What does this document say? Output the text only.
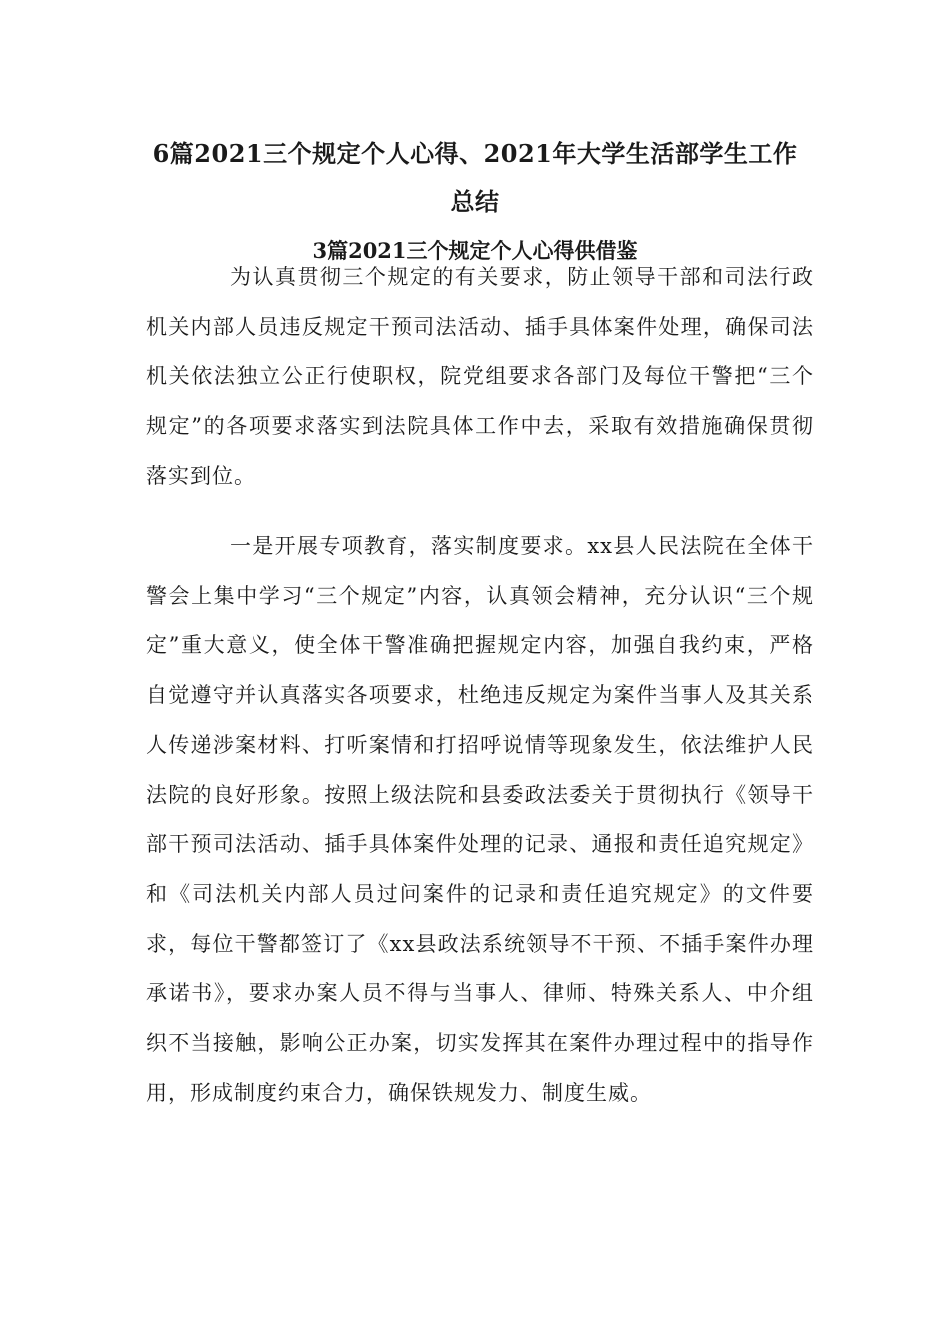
6篇2021三个规定个人心得、2021年大学生活部学生工作
总结
3篇2021三个规定个人心得供借鉴

为认真贯彻三个规定的有关要求，防止领导干部和司法行政机关内部人员违反规定干预司法活动、插手具体案件处理，确保司法机关依法独立公正行使职权，院党组要求各部门及每位干警把“三个规定”的各项要求落实到法院具体工作中去，采取有效措施确保贯彻落实到位。

一是开展专项教育，落实制度要求。xx县人民法院在全体干警会上集中学习“三个规定”内容，认真领会精神，充分认识“三个规定”重大意义，使全体干警准确把握规定内容，加强自我约束，严格自觉遵守并认真落实各项要求，杜绝违反规定为案件当事人及其关系人传递涉案材料、打听案情和打招呼说情等现象发生，依法维护人民法院的良好形象。按照上级法院和县委政法委关于贯彻执行《领导干部干预司法活动、插手具体案件处理的记录、通报和责任追究规定》和《司法机关内部人员过问案件的记录和责任追究规定》的文件要求，每位干警都签订了《xx县政法系统领导不干预、不插手案件办理承诺书》，要求办案人员不得与当事人、律师、特殊关系人、中介组织不当接触，影响公正办案，切实发挥其在案件办理过程中的指导作用，形成制度约束合力，确保铁规发力、制度生威。
